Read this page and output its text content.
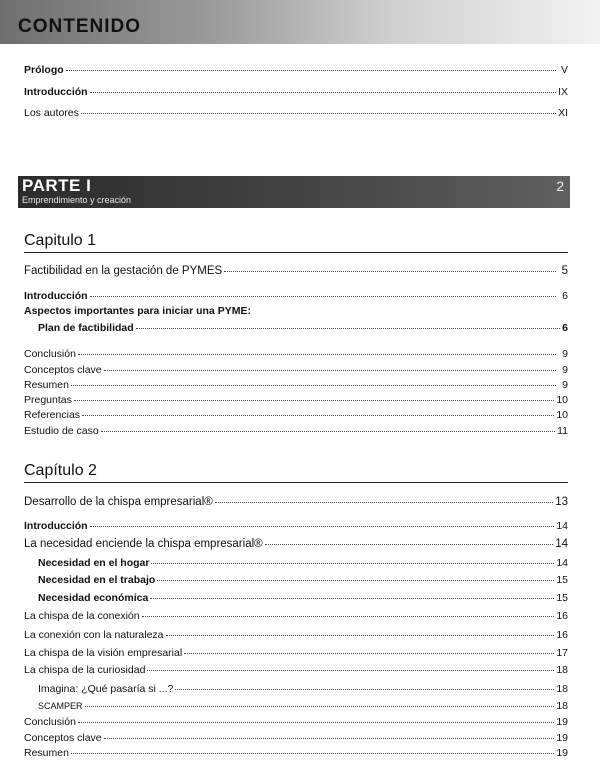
contenido
Prólogo	V
Introducción	IX
Los autores	XI
PARTE I
Emprendimiento y creación
2
Capitulo 1
Factibilidad en la gestación de PYMES	5
Introducción	6
Aspectos importantes para iniciar una PYME:
Plan de factibilidad	6
Conclusión	9
Conceptos clave	9
Resumen	9
Preguntas	10
Referencias	10
Estudio de caso	11
Capítulo 2
Desarrollo de la chispa empresarial®	13
Introducción	14
La necesidad enciende la chispa empresarial®	14
Necesidad en el hogar	14
Necesidad en el trabajo	15
Necesidad económica	15
La chispa de la conexión	16
La conexión con la naturaleza	16
La chispa de la visión empresarial	17
La chispa de la curiosidad	18
Imagina: ¿Qué pasaría si ...?	18
SCAMPER	18
Conclusión	19
Conceptos clave	19
Resumen	19
